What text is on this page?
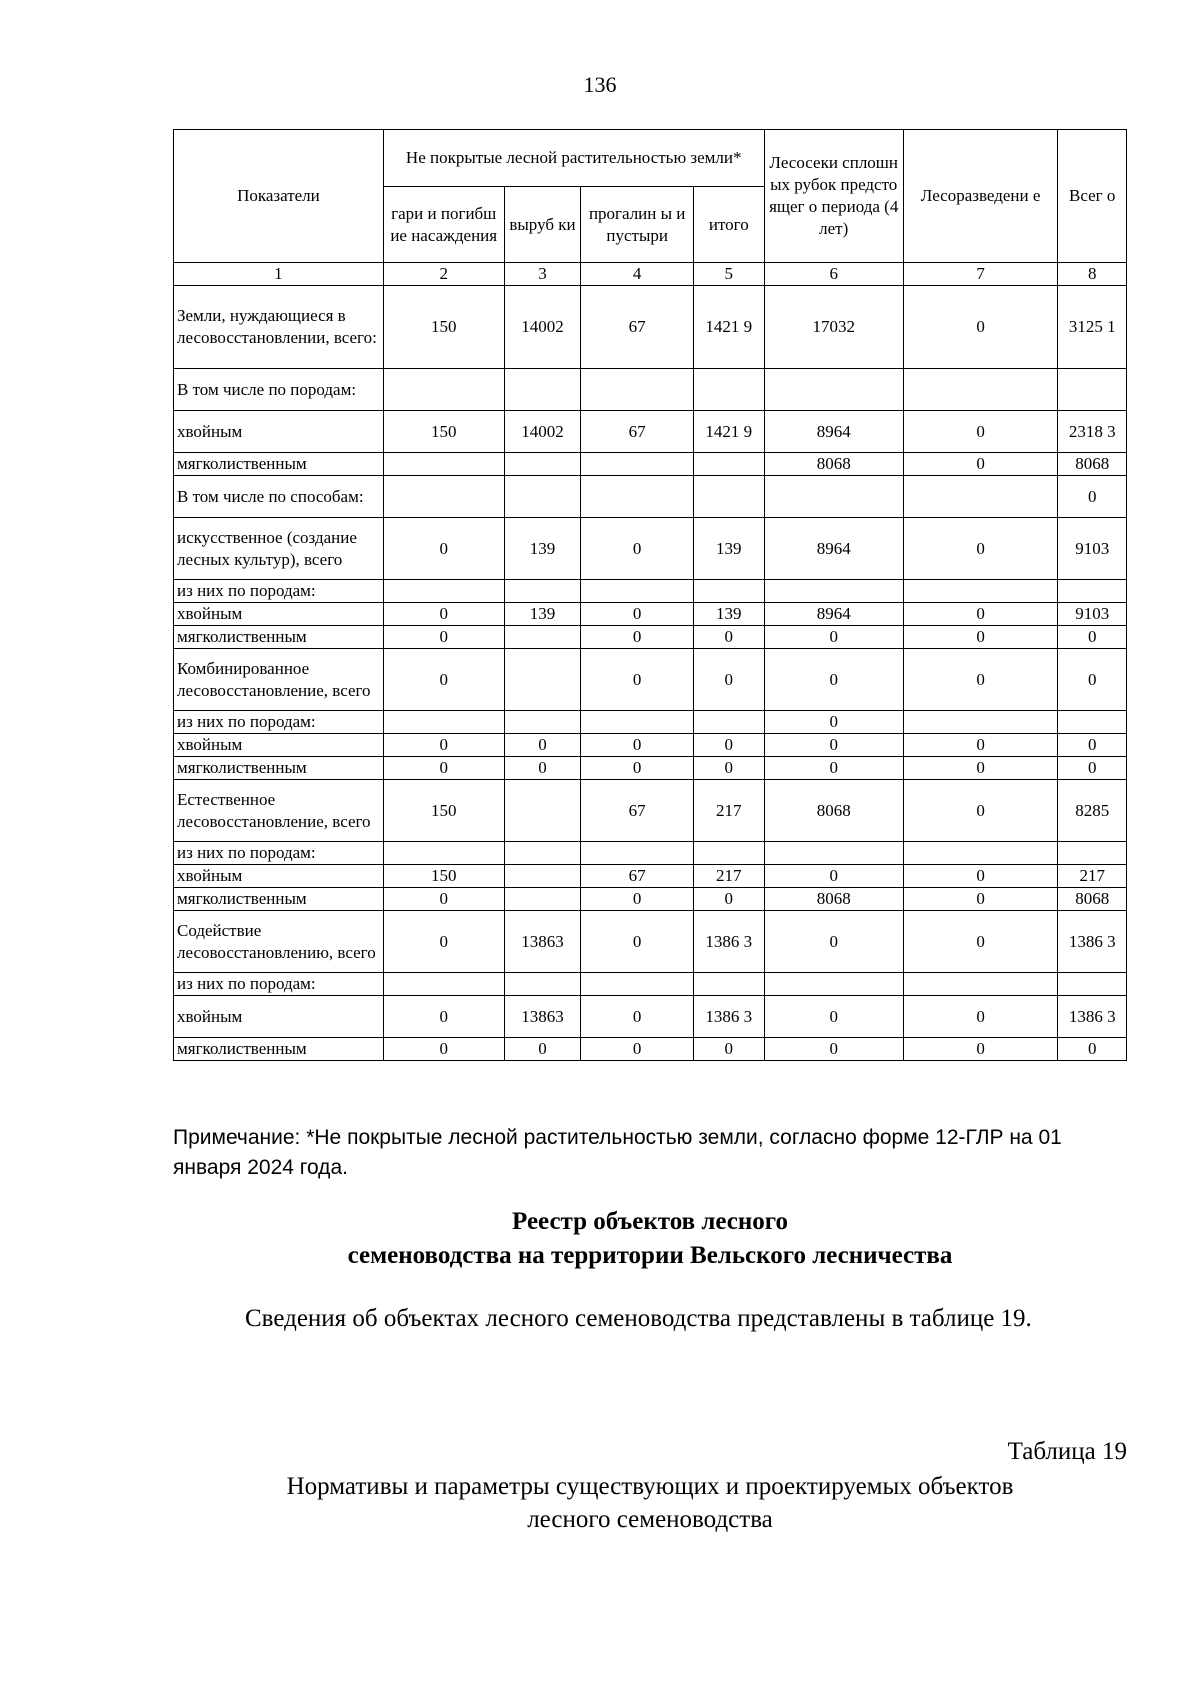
136
Показатели	Не покрытые лесной растительностью земли*				Лесосеки сплошных рубок предстоящег о периода (4 лет)	Лесоразведени е	Всег о
	гари и погибшие насаждения	выруб ки	прогалин ы и пустыри	итого			
1	2	3	4	5	6	7	8
Земли, нуждающиеся в лесовосстановлении, всего:	150	14002	67	1421 9	17032	0	3125 1
В том числе по породам:							
хвойным	150	14002	67	1421 9	8964	0	2318 3
мягколиственным					8068	0	8068
В том числе по способам:							0
искусственное (создание лесных культур), всего	0	139	0	139	8964	0	9103
из них по породам:							
хвойным	0	139	0	139	8964	0	9103
мягколиственным	0		0	0	0	0	0
Комбинированное лесовосстановление, всего	0		0	0	0	0	0
из них по породам:					0		
хвойным	0	0	0	0	0	0	0
мягколиственным	0	0	0	0	0	0	0
Естественное лесовосстановление, всего	150		67	217	8068	0	8285
из них по породам:							
хвойным	150		67	217	0	0	217
мягколиственным	0		0	0	8068	0	8068
Содействие лесовосстановлению, всего	0	13863	0	1386 3	0	0	1386 3
из них по породам:							
хвойным	0	13863	0	1386 3	0	0	1386 3
мягколиственным	0	0	0	0	0	0	0
Примечание: *Не покрытые лесной растительностью земли, согласно форме 12-ГЛР на 01 января 2024 года.
Реестр объектов лесного
семеноводства на территории Вельского лесничества
Сведения об объектах лесного семеноводства представлены в таблице 19.
Таблица 19
Нормативы и параметры существующих и проектируемых объектов
лесного семеноводства
